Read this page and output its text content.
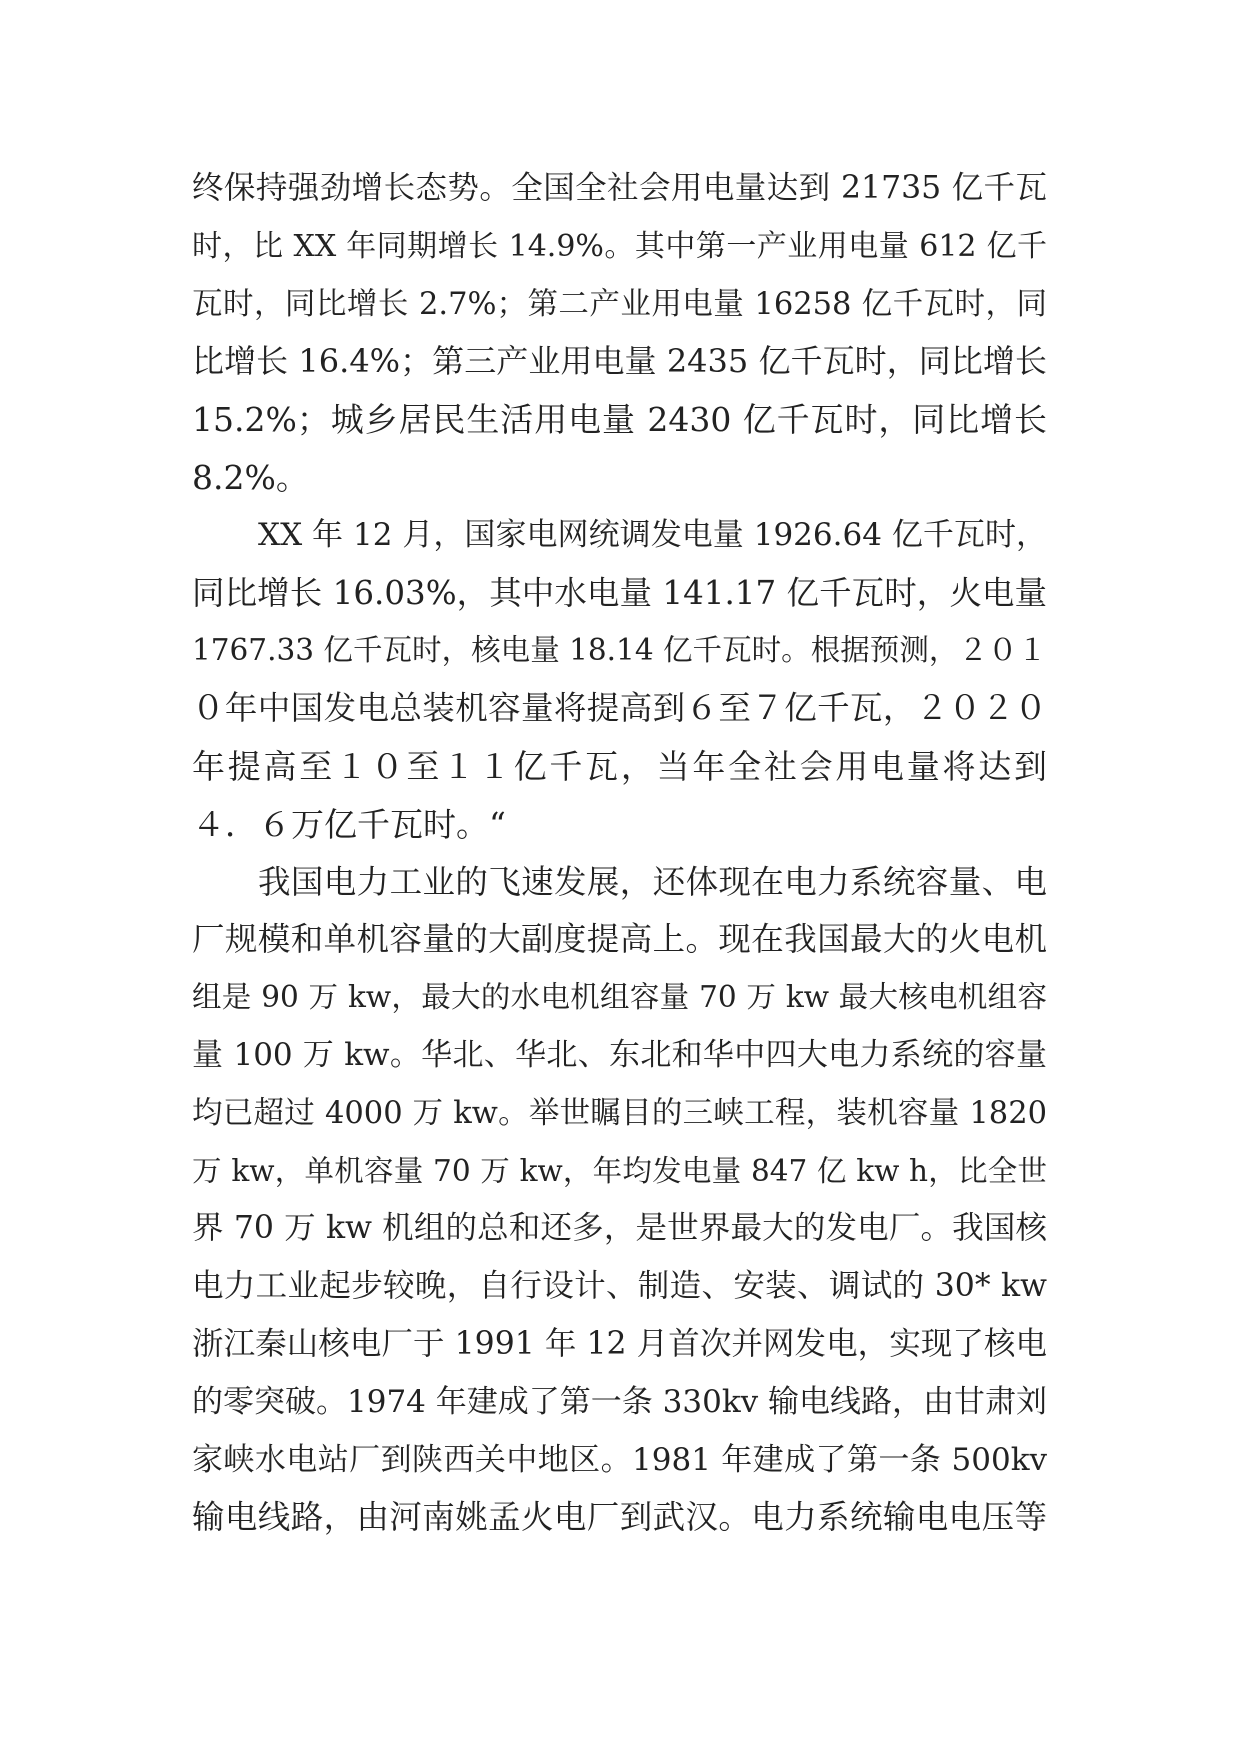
终保持强劲增长态势。全国全社会用电量达到 21735 亿千瓦
时，比 XX 年同期增长 14.9%。其中第一产业用电量 612 亿千
瓦时，同比增长 2.7%；第二产业用电量 16258 亿千瓦时，同
比增长 16.4%；第三产业用电量 2435 亿千瓦时，同比增长
15.2%；城乡居民生活用电量 2430 亿千瓦时，同比增长
8.2%。
XX 年 12 月，国家电网统调发电量 1926.64 亿千瓦时，
同比增长 16.03%，其中水电量 141.17 亿千瓦时，火电量
1767.33 亿千瓦时，核电量 18.14 亿千瓦时。根据预测，２０１
０年中国发电总装机容量将提高到６至７亿千瓦，２０２０
年提高至１０至１１亿千瓦，当年全社会用电量将达到
４．６万亿千瓦时。“
我国电力工业的飞速发展，还体现在电力系统容量、电
厂规模和单机容量的大副度提高上。现在我国最大的火电机
组是 90 万 kw，最大的水电机组容量 70 万 kw 最大核电机组容
量 100 万 kw。华北、华北、东北和华中四大电力系统的容量
均已超过 4000 万 kw。举世瞩目的三峡工程，装机容量 1820
万 kw，单机容量 70 万 kw，年均发电量 847 亿 kw h，比全世
界 70 万 kw 机组的总和还多，是世界最大的发电厂。我国核
电力工业起步较晚，自行设计、制造、安装、调试的 30* kw
浙江秦山核电厂于 1991 年 12 月首次并网发电，实现了核电
的零突破。1974 年建成了第一条 330kv 输电线路，由甘肃刘
家峡水电站厂到陕西关中地区。1981 年建成了第一条 500kv
输电线路，由河南姚孟火电厂到武汉。电力系统输电电压等
